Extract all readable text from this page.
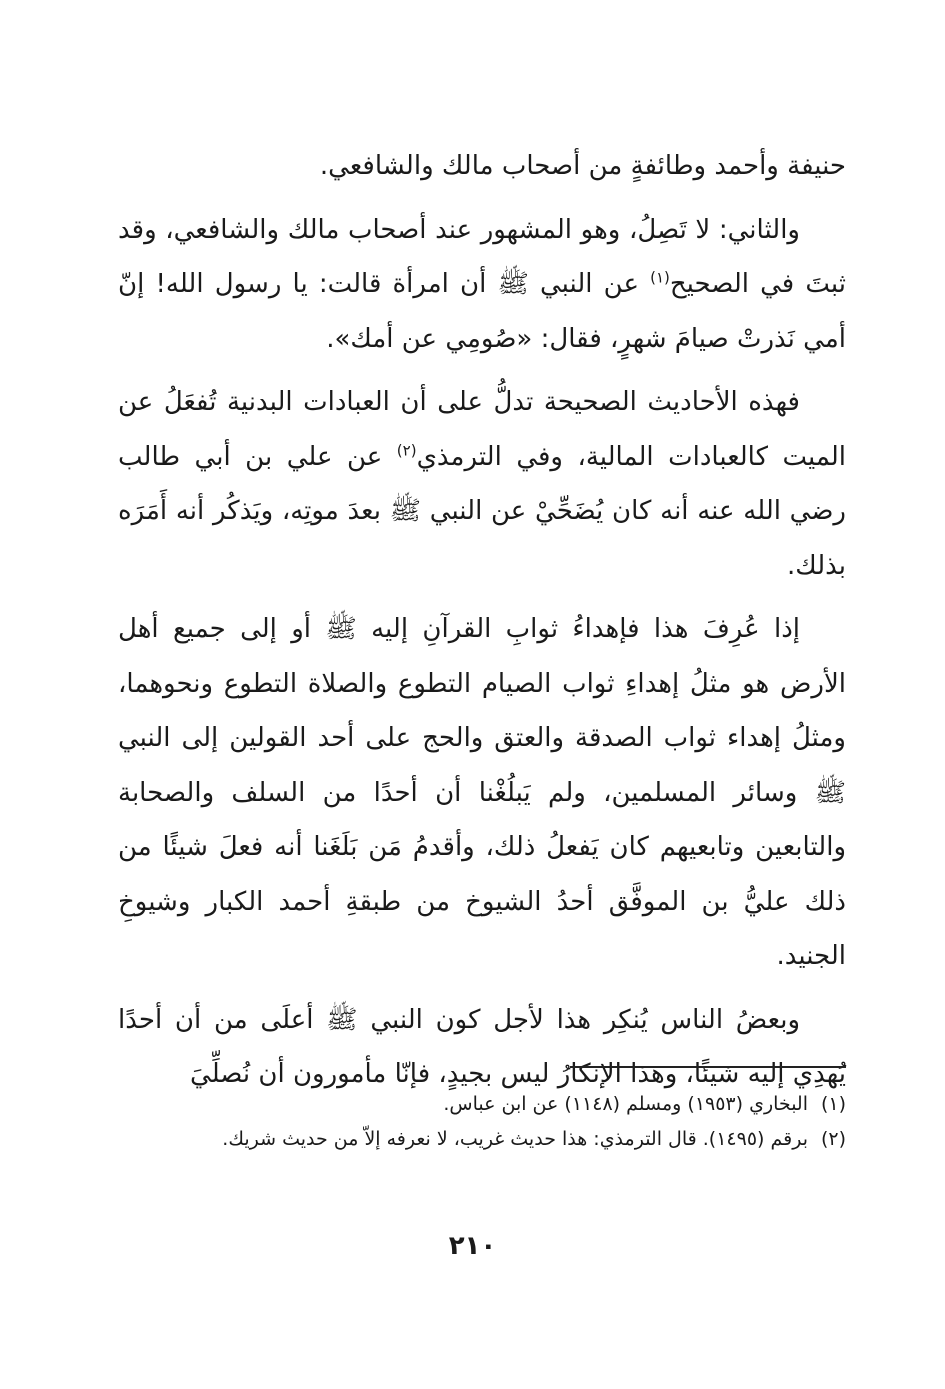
حنيفة وأحمد وطائفةٍ من أصحاب مالك والشافعي.

والثاني: لا تَصِلُ، وهو المشهور عند أصحاب مالك والشافعي، وقد ثبتَ في الصحيح$^{(١)}$ عن النبي ﷺ أن امرأة قالت: يا رسول الله! إنّ أمي نَذرتْ صيامَ شهرٍ، فقال: «صُومِي عن أمك».

فهذه الأحاديث الصحيحة تدلُّ على أن العبادات البدنية تُفعَلُ عن الميت كالعبادات المالية، وفي الترمذي$^{(٢)}$ عن علي بن أبي طالب رضي الله عنه أنه كان يُضَحِّيْ عن النبي ﷺ بعدَ موتِه، ويَذكُر أنه أَمَرَه بذلك.

إذا عُرِفَ هذا فإهداءُ ثوابِ القرآنِ إليه ﷺ أو إلى جميع أهل الأرض هو مثلُ إهداءِ ثواب الصيام التطوع والصلاة التطوع ونحوهما، ومثلُ إهداء ثواب الصدقة والعتق والحج على أحد القولين إلى النبي ﷺ وسائر المسلمين، ولم يَبلُغْنا أن أحدًا من السلف والصحابة والتابعين وتابعيهم كان يَفعلُ ذلك، وأقدمُ مَن بَلَغَنا أنه فعلَ شيئًا من ذلك عليُّ بن الموفَّق أحدُ الشيوخ من طبقةِ أحمد الكبار وشيوخِ الجنيد.

وبعضُ الناس يُنكِر هذا لأجل كون النبي ﷺ أعلَى من أن أحدًا يُهدِي إليه شيئًا، وهذا الإنكارُ ليس بجيدٍ، فإنّا مأمورون أن نُصلِّيَ

(١)
البخاري (١٩٥٣) ومسلم (١١٤٨) عن ابن عباس.
(٢)
برقم (١٤٩٥). قال الترمذي: هذا حديث غريب، لا نعرفه إلاّ من حديث شريك.
٢١٠
